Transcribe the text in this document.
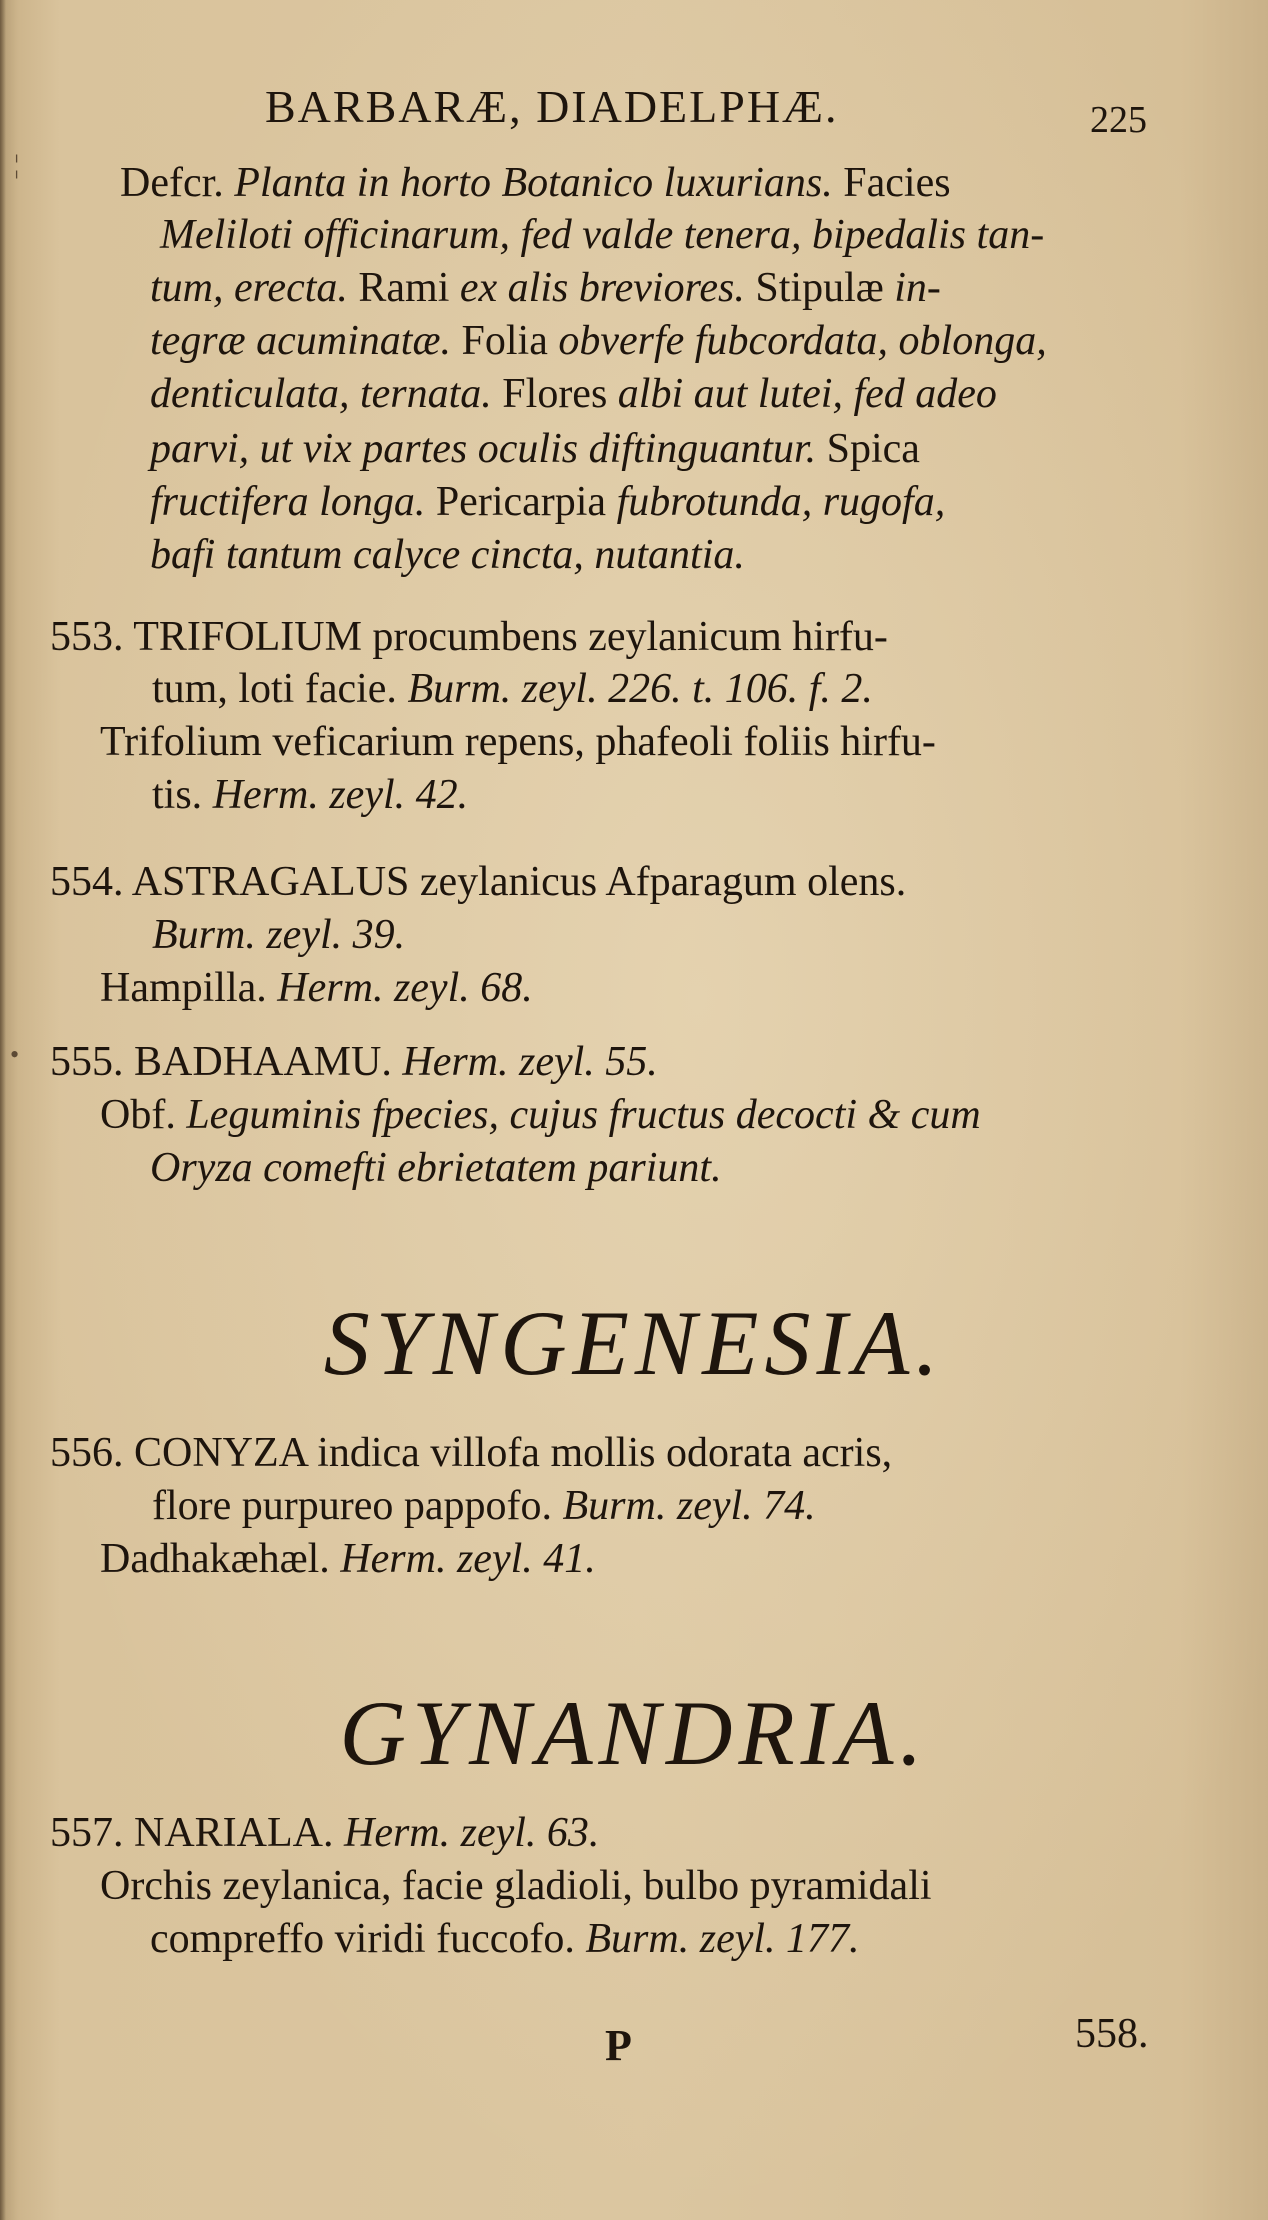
BARBARÆ, DIADELPHÆ.	225
Defcr. Planta in horto Botanico luxurians. Facies
Meliloti officinarum, fed valde tenera, bipedalis tan-
tum, erecta. Rami ex alis breviores. Stipulæ in-
tegræ acuminatæ. Folia obverfe fubcordata, oblonga,
denticulata, ternata. Flores albi aut lutei, fed adeo
parvi, ut vix partes oculis diftinguantur. Spica
fructifera longa. Pericarpia fubrotunda, rugofa,
bafi tantum calyce cincta, nutantia.
553. TRIFOLIUM procumbens zeylanicum hirfu-
tum, loti facie. Burm. zeyl. 226. t. 106. f. 2.
Trifolium veficarium repens, phafeoli foliis hirfu-
tis. Herm. zeyl. 42.
554. ASTRAGALUS zeylanicus Afparagum olens.
Burm. zeyl. 39.
Hampilla. Herm. zeyl. 68.
555. BADHAAMU. Herm. zeyl. 55.
Obf. Leguminis fpecies, cujus fructus decocti & cum
Oryza comefti ebrietatem pariunt.
SYNGENESIA.
556. CONYZA indica villofa mollis odorata acris,
flore purpureo pappofo. Burm. zeyl. 74.
Dadhakæhæl. Herm. zeyl. 41.
GYNANDRIA.
557. NARIALA. Herm. zeyl. 63.
Orchis zeylanica, facie gladioli, bulbo pyramidali
compreffo viridi fuccofo. Burm. zeyl. 177.
P	558.
¦
•
